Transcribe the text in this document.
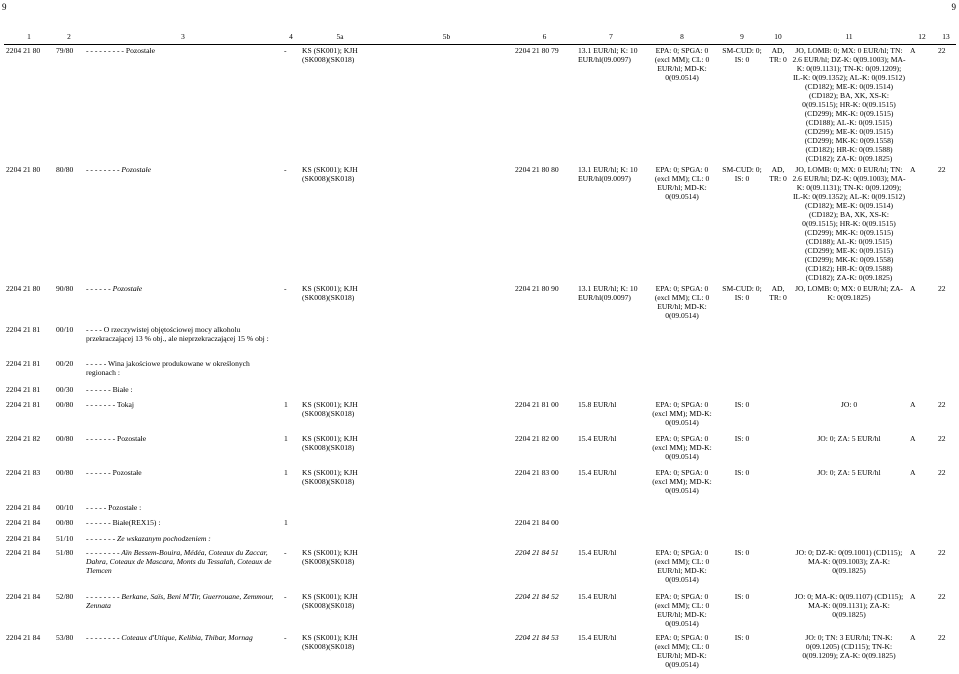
9	9
1	2	3	4	5a	5b	6	7	8	9	10	11	12	13
2204 21 80	79/80	- - - - - - - - - Pozostałe	-	KS (SK001); KJH (SK008)(SK018)		2204 21 80 79	13.1 EUR/hl; K: 10 EUR/hl(09.0097)	EPA: 0; SPGA: 0 (excl MM); CL: 0 EUR/hl; MD-K: 0(09.0514)	SM-CUD: 0; IS: 0	AD, TR: 0	JO, LOMB: 0; MX: 0 EUR/hl; TN: 2.6 EUR/hl; DZ-K: 0(09.1003); MA-K: 0(09.1131); TN-K: 0(09.1209); IL-K: 0(09.1352); AL-K: 0(09.1512) (CD182); ME-K: 0(09.1514) (CD182); BA, XK, XS-K: 0(09.1515); HR-K: 0(09.1515) (CD299); MK-K: 0(09.1515) (CD188); AL-K: 0(09.1515) (CD299); ME-K: 0(09.1515) (CD299); MK-K: 0(09.1558) (CD182); HR-K: 0(09.1588) (CD182); ZA-K: 0(09.1825)	A	22
2204 21 80	80/80	- - - - - - - - Pozostałe	-	KS (SK001); KJH (SK008)(SK018)		2204 21 80 80	13.1 EUR/hl; K: 10 EUR/hl(09.0097)	EPA: 0; SPGA: 0 (excl MM); CL: 0 EUR/hl; MD-K: 0(09.0514)	SM-CUD: 0; IS: 0	AD, TR: 0	JO, LOMB: 0; MX: 0 EUR/hl; TN: 2.6 EUR/hl; DZ-K: 0(09.1003); MA-K: 0(09.1131); TN-K: 0(09.1209); IL-K: 0(09.1352); AL-K: 0(09.1512) (CD182); ME-K: 0(09.1514) (CD182); BA, XK, XS-K: 0(09.1515); HR-K: 0(09.1515) (CD299); MK-K: 0(09.1515) (CD188); AL-K: 0(09.1515) (CD299); ME-K: 0(09.1515) (CD299); MK-K: 0(09.1558) (CD182); HR-K: 0(09.1588) (CD182); ZA-K: 0(09.1825)	A	22
2204 21 80	90/80	- - - - - - Pozostałe	-	KS (SK001); KJH (SK008)(SK018)		2204 21 80 90	13.1 EUR/hl; K: 10 EUR/hl(09.0097)	EPA: 0; SPGA: 0 (excl MM); CL: 0 EUR/hl; MD-K: 0(09.0514)	SM-CUD: 0; IS: 0	AD, TR: 0	JO, LOMB: 0; MX: 0 EUR/hl; ZA-K: 0(09.1825)	A	22
2204 21 81	00/10	- - - - O rzeczywistej objętościowej mocy alkoholu przekraczającej 13 % obj., ale nieprzekraczającej 15 % obj :											
2204 21 81	00/20	- - - - - Wina jakościowe produkowane w określonych regionach :											
2204 21 81	00/30	- - - - - - Białe :											
2204 21 81	00/80	- - - - - - - Tokaj	1	KS (SK001); KJH (SK008)(SK018)		2204 21 81 00	15.8 EUR/hl	EPA: 0; SPGA: 0 (excl MM); MD-K: 0(09.0514)	IS: 0		JO: 0	A	22
2204 21 82	00/80	- - - - - - - Pozostałe	1	KS (SK001); KJH (SK008)(SK018)		2204 21 82 00	15.4 EUR/hl	EPA: 0; SPGA: 0 (excl MM); MD-K: 0(09.0514)	IS: 0		JO: 0; ZA: 5 EUR/hl	A	22
2204 21 83	00/80	- - - - - - Pozostałe	1	KS (SK001); KJH (SK008)(SK018)		2204 21 83 00	15.4 EUR/hl	EPA: 0; SPGA: 0 (excl MM); MD-K: 0(09.0514)	IS: 0		JO: 0; ZA: 5 EUR/hl	A	22
2204 21 84	00/10	- - - - - Pozostałe :											
2204 21 84	00/80	- - - - - - Białe(REX15) :	1			2204 21 84 00							
2204 21 84	51/10	- - - - - - - Ze wskazanym pochodzeniem :											
2204 21 84	51/80	- - - - - - - - Aïn Bessem-Bouira, Médéa, Coteaux du Zaccar, Dahra, Coteaux de Mascara, Monts du Tessalah, Coteaux de Tlemcen	-	KS (SK001); KJH (SK008)(SK018)		2204 21 84 51	15.4 EUR/hl	EPA: 0; SPGA: 0 (excl MM); CL: 0 EUR/hl; MD-K: 0(09.0514)	IS: 0		JO: 0; DZ-K: 0(09.1001) (CD115); MA-K: 0(09.1003); ZA-K: 0(09.1825)	A	22
2204 21 84	52/80	- - - - - - - - Berkane, Saïs, Beni M'Tir, Guerrouane, Zemmour, Zennata	-	KS (SK001); KJH (SK008)(SK018)		2204 21 84 52	15.4 EUR/hl	EPA: 0; SPGA: 0 (excl MM); CL: 0 EUR/hl; MD-K: 0(09.0514)	IS: 0		JO: 0; MA-K: 0(09.1107) (CD115); MA-K: 0(09.1131); ZA-K: 0(09.1825)	A	22
2204 21 84	53/80	- - - - - - - - Coteaux d'Utique, Kelibia, Thibar, Mornag	-	KS (SK001); KJH (SK008)(SK018)		2204 21 84 53	15.4 EUR/hl	EPA: 0; SPGA: 0 (excl MM); CL: 0 EUR/hl; MD-K: 0(09.0514)	IS: 0		JO: 0; TN: 3 EUR/hl; TN-K: 0(09.1205) (CD115); TN-K: 0(09.1209); ZA-K: 0(09.1825)	A	22
